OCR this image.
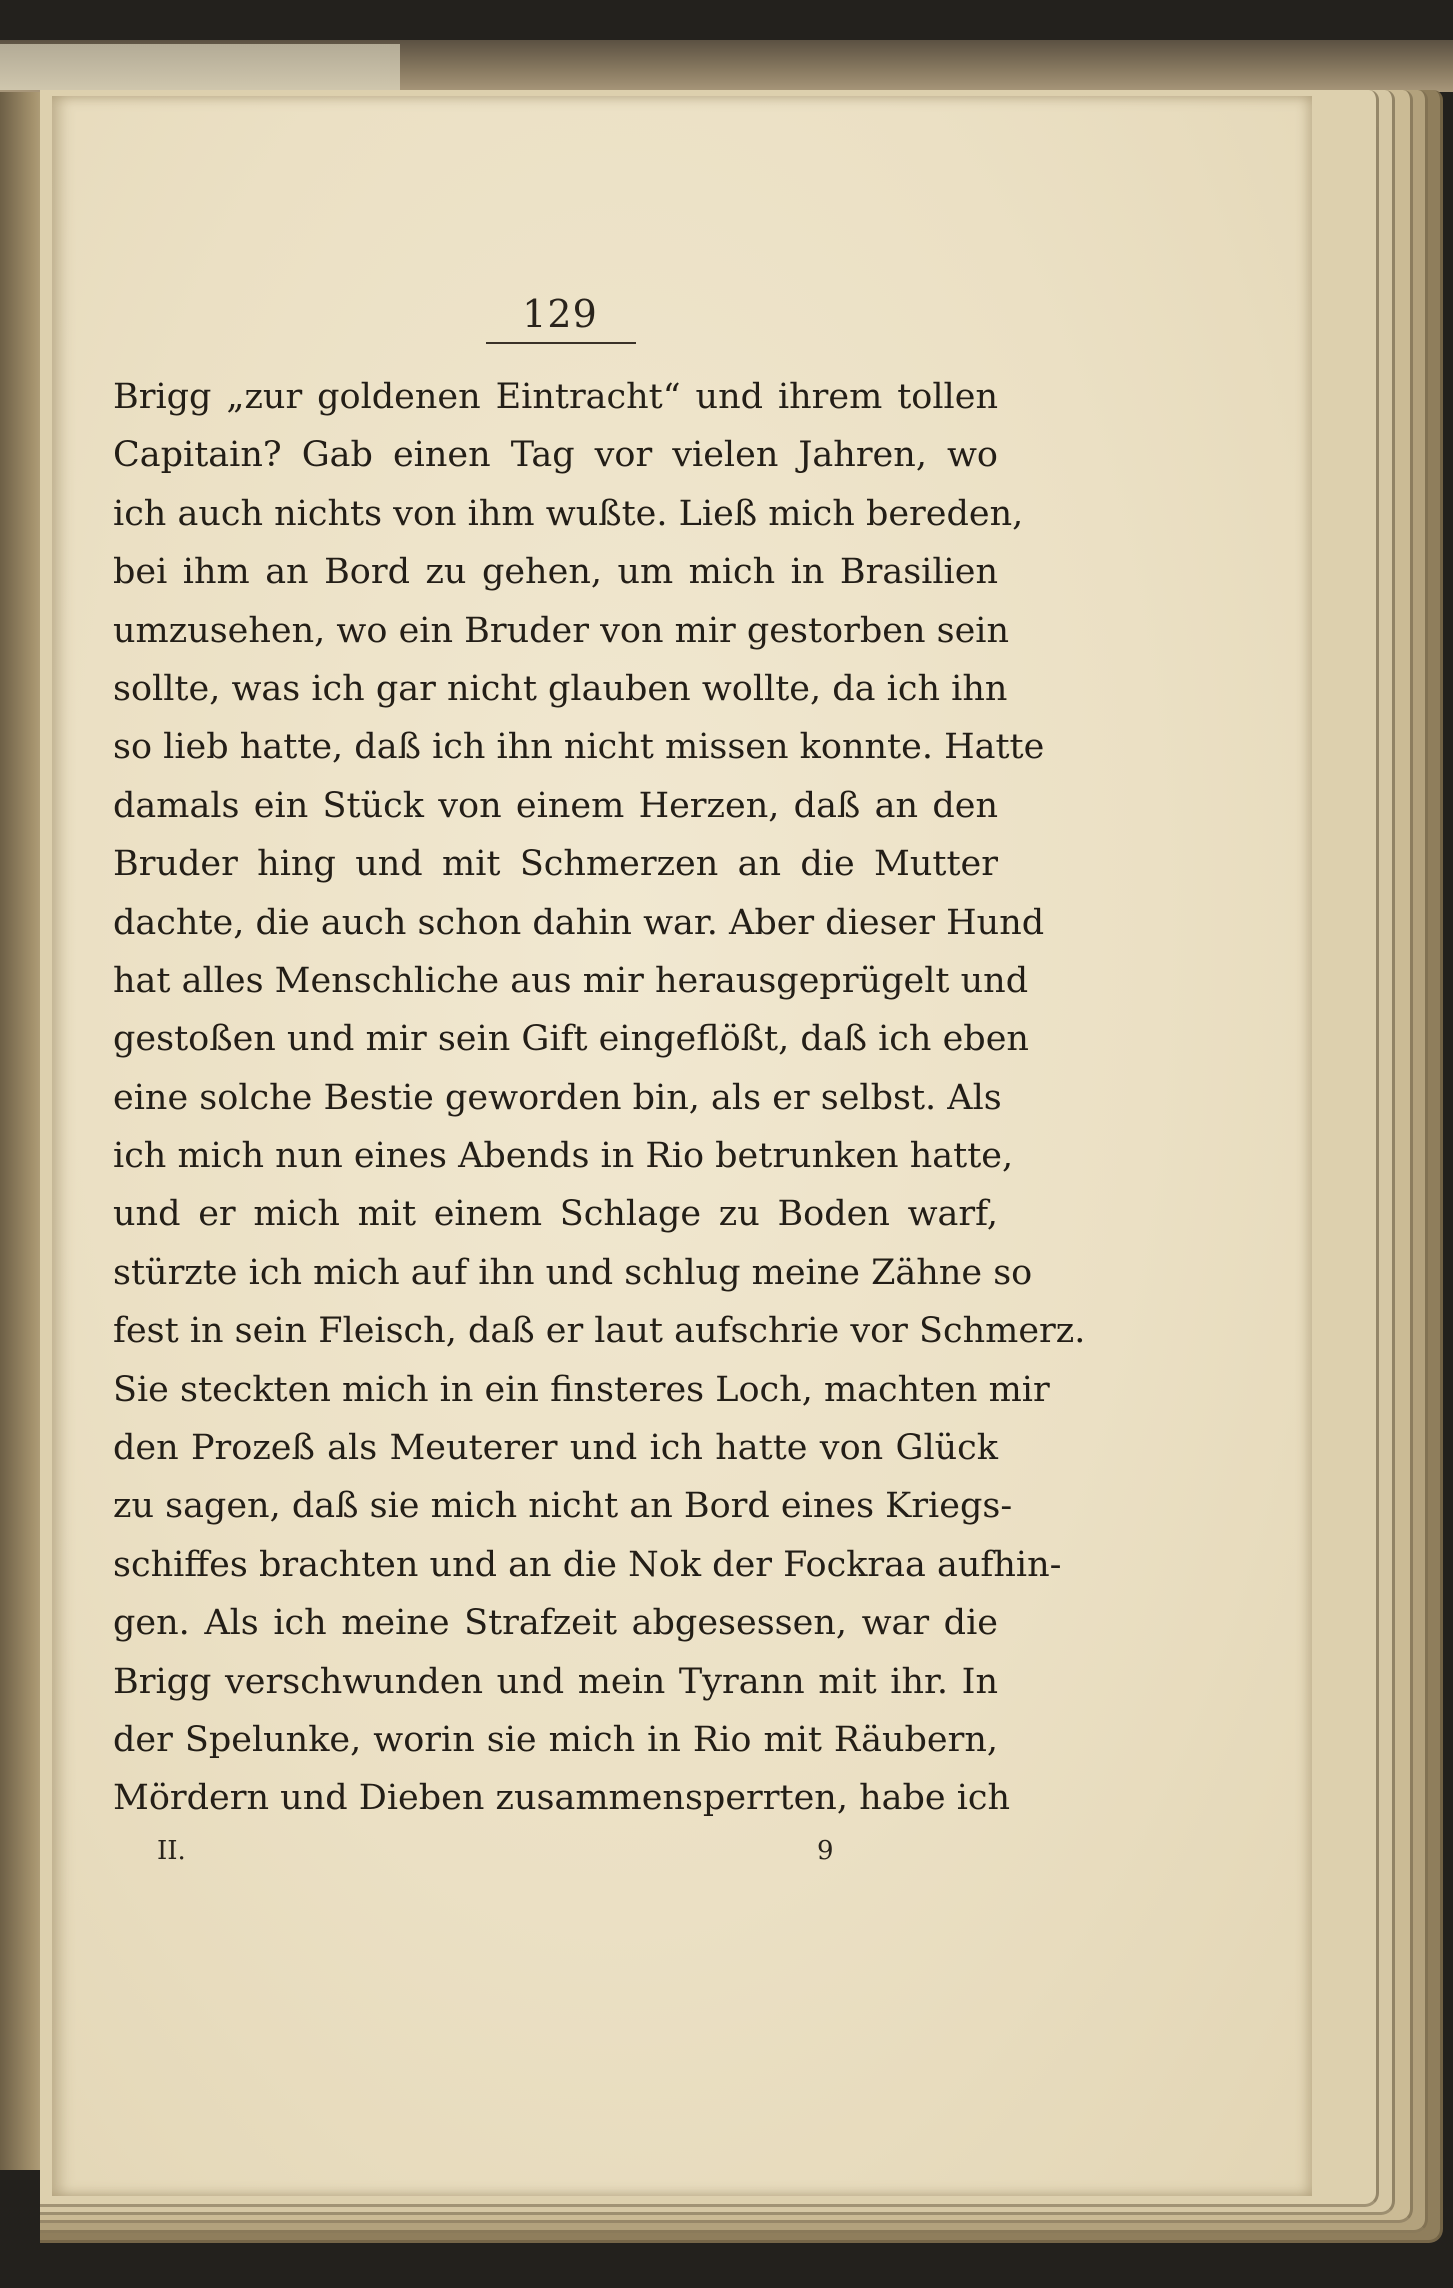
129
Brigg „zur goldenen Eintracht“ und ihrem tollen
Capitain? Gab einen Tag vor vielen Jahren, wo
ich auch nichts von ihm wußte. Ließ mich bereden,
bei ihm an Bord zu gehen, um mich in Brasilien
umzusehen, wo ein Bruder von mir gestorben sein
sollte, was ich gar nicht glauben wollte, da ich ihn
so lieb hatte, daß ich ihn nicht missen konnte. Hatte
damals ein Stück von einem Herzen, daß an den
Bruder hing und mit Schmerzen an die Mutter
dachte, die auch schon dahin war. Aber dieser Hund
hat alles Menschliche aus mir herausgeprügelt und
gestoßen und mir sein Gift eingeflößt, daß ich eben
eine solche Bestie geworden bin, als er selbst. Als
ich mich nun eines Abends in Rio betrunken hatte,
und er mich mit einem Schlage zu Boden warf,
stürzte ich mich auf ihn und schlug meine Zähne so
fest in sein Fleisch, daß er laut aufschrie vor Schmerz.
Sie steckten mich in ein finsteres Loch, machten mir
den Prozeß als Meuterer und ich hatte von Glück
zu sagen, daß sie mich nicht an Bord eines Kriegs-
schiffes brachten und an die Nok der Fockraa aufhin-
gen. Als ich meine Strafzeit abgesessen, war die
Brigg verschwunden und mein Tyrann mit ihr. In
der Spelunke, worin sie mich in Rio mit Räubern,
Mördern und Dieben zusammensperrten, habe ich
II.	9
